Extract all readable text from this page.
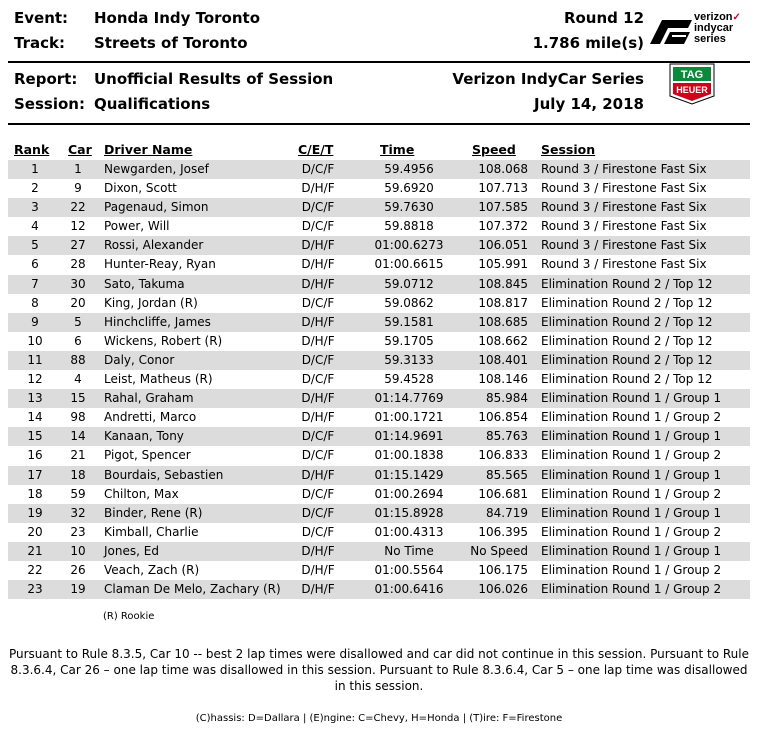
Event: Honda Indy Toronto	Round 12
Track: Streets of Toronto	1.786 mile(s)
Report: Unofficial Results of Session	Verizon IndyCar Series
Session: Qualifications	July 14, 2018
verizon✓
indycar
series
TAG
HEUER
Rank Car Driver Name	C/E/T	Time	Speed Session
1	1	Newgarden, Josef	D/C/F	59.4956	108.068 Round 3 / Firestone Fast Six
2	9	Dixon, Scott	D/H/F	59.6920	107.713 Round 3 / Firestone Fast Six
3	22	Pagenaud, Simon	D/C/F	59.7630	107.585 Round 3 / Firestone Fast Six
4	12	Power, Will	D/C/F	59.8818	107.372 Round 3 / Firestone Fast Six
5	27	Rossi, Alexander	D/H/F	01:00.6273	106.051 Round 3 / Firestone Fast Six
6	28	Hunter-Reay, Ryan	D/H/F	01:00.6615	105.991 Round 3 / Firestone Fast Six
7	30	Sato, Takuma	D/H/F	59.0712	108.845 Elimination Round 2 / Top 12
8	20	King, Jordan (R)	D/C/F	59.0862	108.817 Elimination Round 2 / Top 12
9	5	Hinchcliffe, James	D/H/F	59.1581	108.685 Elimination Round 2 / Top 12
10	6	Wickens, Robert (R)	D/H/F	59.1705	108.662 Elimination Round 2 / Top 12
11	88	Daly, Conor	D/C/F	59.3133	108.401 Elimination Round 2 / Top 12
12	4	Leist, Matheus (R)	D/C/F	59.4528	108.146 Elimination Round 2 / Top 12
13	15	Rahal, Graham	D/H/F	01:14.7769	85.984 Elimination Round 1 / Group 1
14	98	Andretti, Marco	D/H/F	01:00.1721	106.854 Elimination Round 1 / Group 2
15	14	Kanaan, Tony	D/C/F	01:14.9691	85.763 Elimination Round 1 / Group 1
16	21	Pigot, Spencer	D/C/F	01:00.1838	106.833 Elimination Round 1 / Group 2
17	18	Bourdais, Sebastien	D/H/F	01:15.1429	85.565 Elimination Round 1 / Group 1
18	59	Chilton, Max	D/C/F	01:00.2694	106.681 Elimination Round 1 / Group 2
19	32	Binder, Rene (R)	D/C/F	01:15.8928	84.719 Elimination Round 1 / Group 1
20	23	Kimball, Charlie	D/C/F	01:00.4313	106.395 Elimination Round 1 / Group 2
21	10	Jones, Ed	D/H/F	No Time	No Speed Elimination Round 1 / Group 1
22	26	Veach, Zach (R)	D/H/F	01:00.5564	106.175 Elimination Round 1 / Group 2
23	19	Claman De Melo, Zachary (R)	D/H/F	01:00.6416	106.026 Elimination Round 1 / Group 2
(R) Rookie
Pursuant to Rule 8.3.5, Car 10 -- best 2 lap times were disallowed and car did not continue in this session. Pursuant to Rule 8.3.6.4, Car 26 – one lap time was disallowed in this session. Pursuant to Rule 8.3.6.4, Car 5 – one lap time was disallowed in this session.
(C)hassis: D=Dallara | (E)ngine: C=Chevy, H=Honda | (T)ire: F=Firestone
